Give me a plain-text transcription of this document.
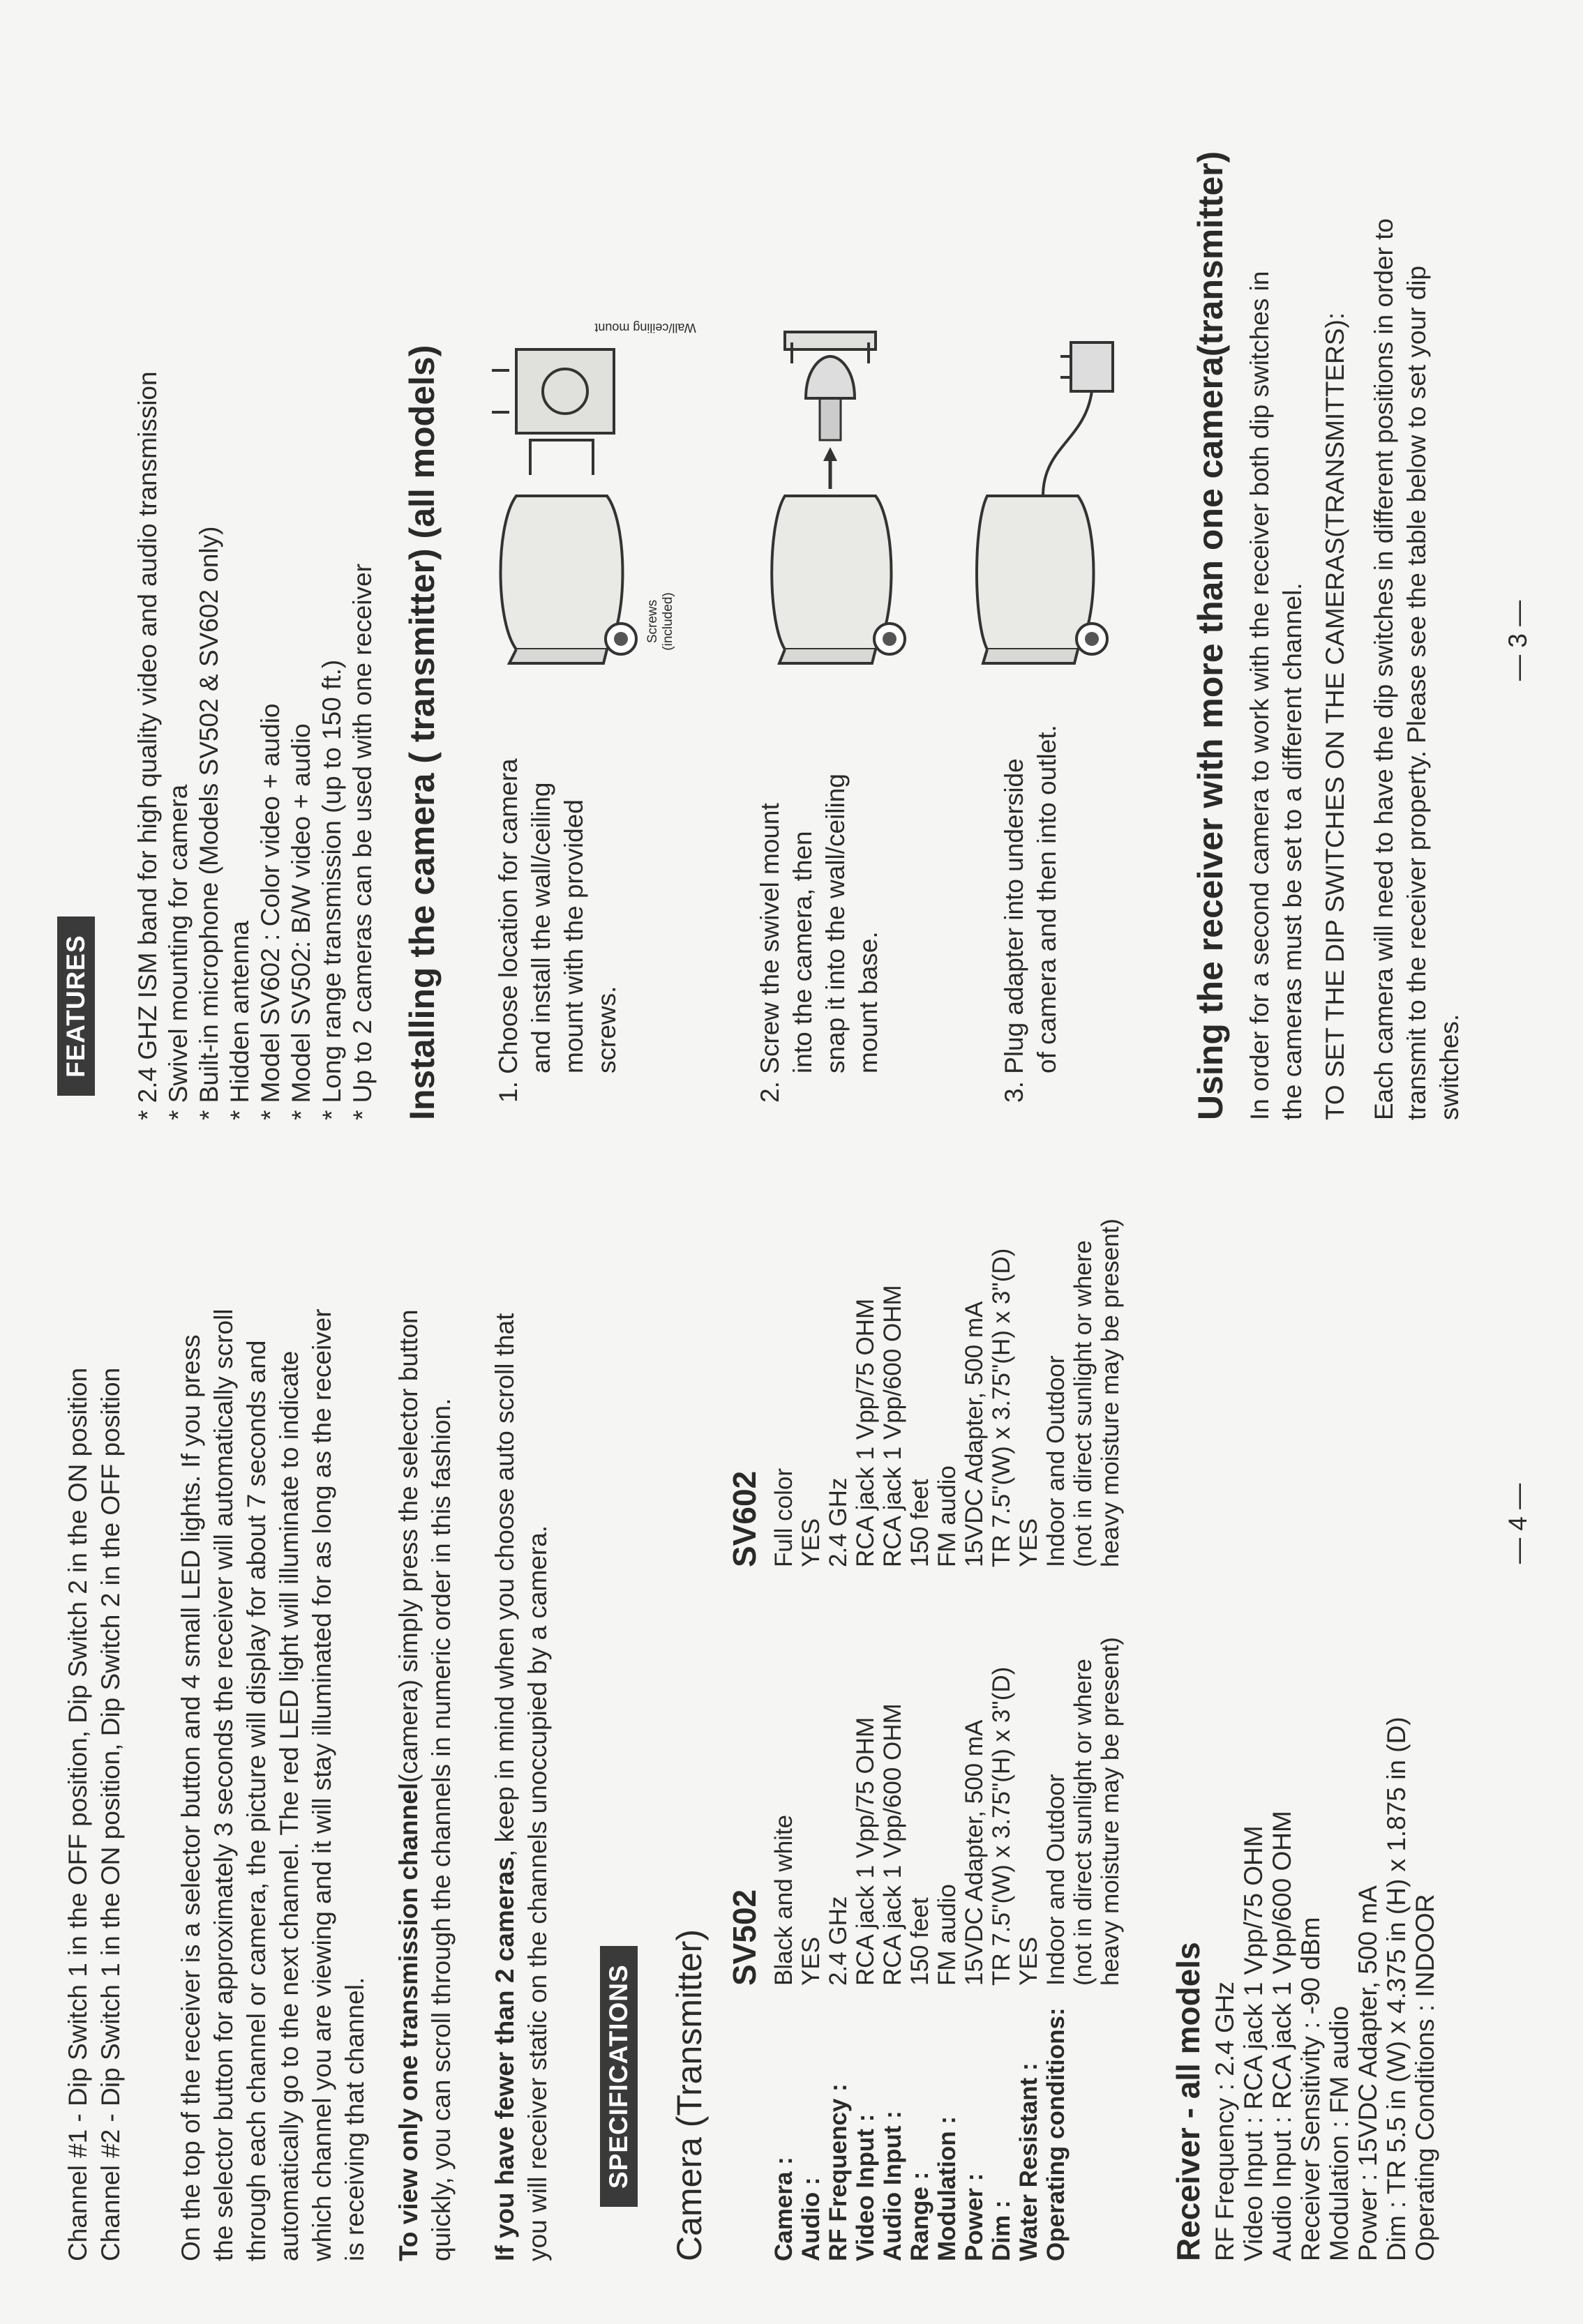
Channel #1 - Dip Switch 1 in the OFF position, Dip Switch 2 in the ON position Channel #2 - Dip Switch 1 in the ON position, Dip Switch 2 in the OFF position On the top of the receiver is a selector button and 4 small LED lights. If you press the selector button for approximately 3 seconds the receiver will automatically scroll through each channel or camera, the picture will display for about 7 seconds and automatically go to the next channel. The red LED light will illuminate to indicate which channel you are viewing and it will stay illuminated for as long as the receiver is receiving that channel. To view only one transmission channel(camera) simply press the selector button quickly, you can scroll through the channels in numeric order in this fashion. If you have fewer than 2 cameras, keep in mind when you choose auto scroll that you will receiver static on the channels unoccupied by a camera. SPECIFICATIONS Camera (Transmitter) SV502
SV602
Camera :
Black and white
Full color
Audio :
YES
YES
RF Frequency :
2.4 GHz
2.4 GHz
Video Input :
RCA jack 1 Vpp/75 OHM
RCA jack 1 Vpp/75 OHM
Audio Input :
RCA jack 1 Vpp/600 OHM
RCA jack 1 Vpp/600 OHM
Range :
150 feet
150 feet
Modulation :
FM audio
FM audio
Power :
15VDC Adapter, 500 mA
15VDC Adapter, 500 mA
Dim :
TR 7.5"(W) x 3.75"(H) x 3"(D)
TR 7.5"(W) x 3.75"(H) x 3"(D)
Water Resistant :
YES
YES
Operating conditions:
Indoor and Outdoor
Indoor and Outdoor
(not in direct sunlight or where
(not in direct sunlight or where
heavy moisture may be present)
heavy moisture may be present)
Receiver - all models RF Frequency : 2.4 GHz Video Input : RCA jack 1 Vpp/75 OHM Audio Input : RCA jack 1 Vpp/600 OHM Receiver Sensitivity : -90 dBm Modulation : FM audio Power : 15VDC Adapter, 500 mA Dim : TR 5.5 in (W) x 4.375 in (H) x 1.875 in (D) Operating Conditions : INDOOR

— 4 —
FEATURES * 2.4 GHZ ISM band for high quality video and audio transmission * Swivel mounting for camera * Built-in microphone (Models SV502 & SV602 only) * Hidden antenna * Model SV602 : Color video + audio * Model SV502: B/W video + audio * Long range transmission (up to 150 ft.) * Up to 2 cameras can be used with one receiver Installing the camera ( transmitter) (all models) 1. Choose location for camera and install the wall/ceiling mount with the provided screws.
Screws (included)
2. Screw the swivel mount into the camera, then snap it into the wall/ceiling mount base.
Wall/ceiling mount
3. Plug adapter into underside of camera and then into outlet.	Using the receiver with more than one camera(transmitter) In order for a second camera to work with the receiver both dip switches in the cameras must be set to a different channel. TO SET THE DIP SWITCHES ON THE CAMERAS(TRANSMITTERS): Each camera will need to have the dip switches in different positions in order to transmit to the receiver property. Please see the table below to set your dip switches.

— 3 —
